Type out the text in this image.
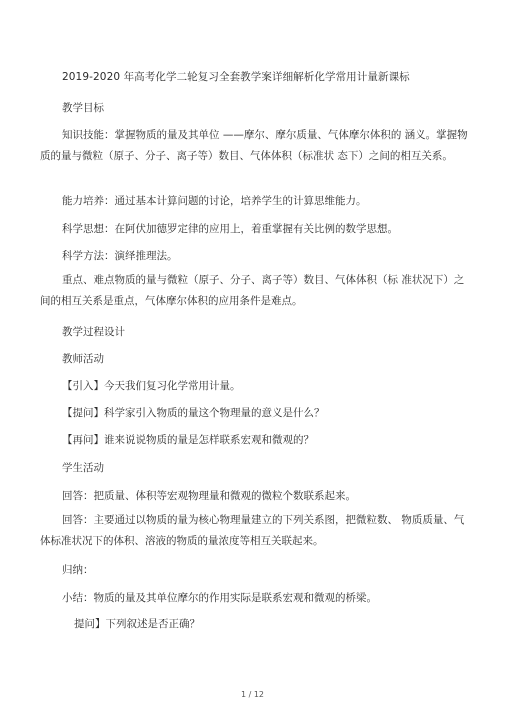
2019-2020 年高考化学二轮复习全套教学案详细解析化学常用计量新课标
教学目标
知识技能：掌握物质的量及其单位 ——摩尔、摩尔质量、气体摩尔体积的 涵义。掌握物质的量与微粒（原子、分子、离子等）数目、气体体积（标准状 态下）之间的相互关系。
能力培养：通过基本计算问题的讨论，培养学生的计算思维能力。
科学思想：在阿伏加德罗定律的应用上，着重掌握有关比例的数学思想。
科学方法：演绎推理法。
重点、难点物质的量与微粒（原子、分子、离子等）数目、气体体积（标 准状况下）之间的相互关系是重点，气体摩尔体积的应用条件是难点。
教学过程设计
教师活动
【引入】今天我们复习化学常用计量。
【提问】科学家引入物质的量这个物理量的意义是什么？
【再问】谁来说说物质的量是怎样联系宏观和微观的？
学生活动
回答：把质量、体积等宏观物理量和微观的微粒个数联系起来。
回答：主要通过以物质的量为核心物理量建立的下列关系图，把微粒数、 物质质量、气体标准状况下的体积、溶液的物质的量浓度等相互关联起来。
归纳：
小结：物质的量及其单位摩尔的作用实际是联系宏观和微观的桥梁。
提问】下列叙述是否正确？
1 / 12
